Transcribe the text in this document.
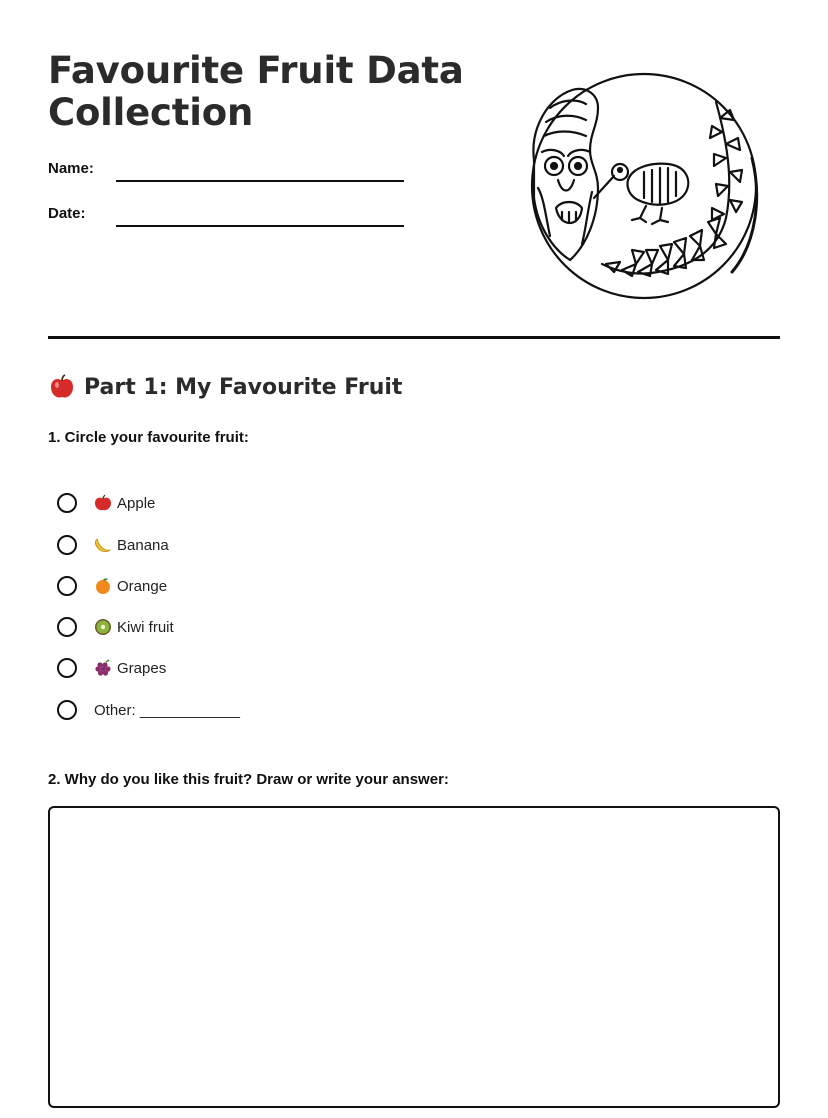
Favourite Fruit Data Collection
Name:
Date:
Part 1: My Favourite Fruit
1. Circle your favourite fruit:
Apple
Banana
Orange
Kiwi fruit
Grapes
Other: ____________
2. Why do you like this fruit? Draw or write your answer:
